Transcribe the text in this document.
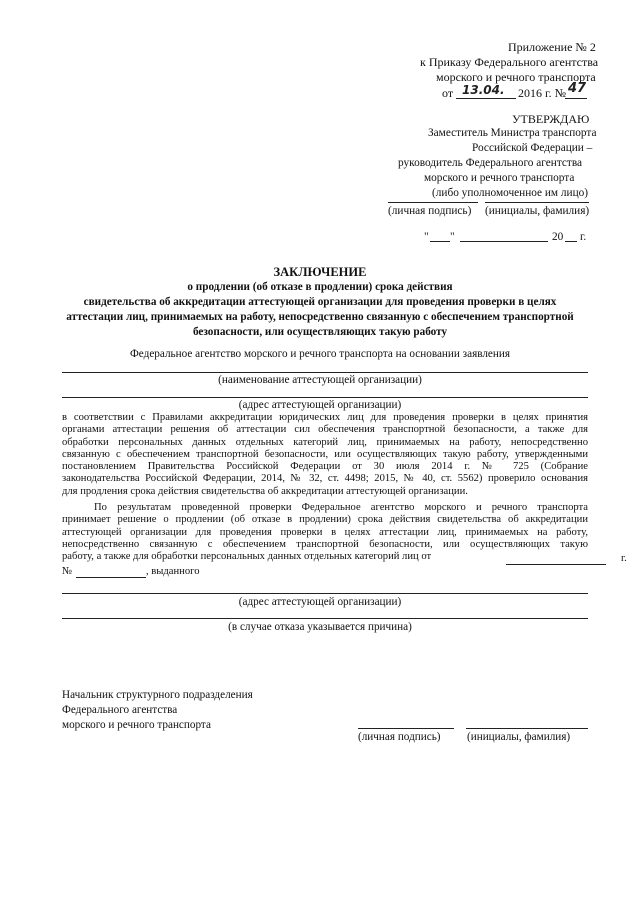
Приложение № 2
к Приказу Федерального агентства
морского и речного транспорта
от 13.04. 2016 г. № 47
УТВЕРЖДАЮ
Заместитель Министра транспорта
Российской Федерации –
руководитель Федерального агентства
морского и речного транспорта
(либо уполномоченное им лицо)
(личная подпись) (инициалы, фамилия)
" "	20 г.
ЗАКЛЮЧЕНИЕ
о продлении (об отказе в продлении) срока действия
свидетельства об аккредитации аттестующей организации для проведения проверки в целях
аттестации лиц, принимаемых на работу, непосредственно связанную с обеспечением транспортной
безопасности, или осуществляющих такую работу
Федеральное агентство морского и речного транспорта на основании заявления
(наименование аттестующей организации)
(адрес аттестующей организации)
в соответствии с Правилами аккредитации юридических лиц для проведения проверки в целях принятия
органами аттестации решения об аттестации сил обеспечения транспортной безопасности, а также для
обработки персональных данных отдельных категорий лиц, принимаемых на работу, непосредственно
связанную с обеспечением транспортной безопасности, или осуществляющих такую работу, утвержденными
постановлением Правительства Российской Федерации от 30 июля 2014 г. № 725 (Собрание
законодательства Российской Федерации, 2014, № 32, ст. 4498; 2015, № 40, ст. 5562) проверило основания
для продления срока действия свидетельства об аккредитации аттестующей организации.
По результатам проведенной проверки Федеральное агентство морского и речного транспорта
принимает решение о продлении (об отказе в продлении) срока действия свидетельства об аккредитации
аттестующей организации для проведения проверки в целях аттестации лиц, принимаемых на работу,
непосредственно связанную с обеспечением транспортной безопасности, или осуществляющих такую
работу, а также для обработки персональных данных отдельных категорий лиц от	г.
№	, выданного
(адрес аттестующей организации)
(в случае отказа указывается причина)
Начальник структурного подразделения
Федерального агентства
морского и речного транспорта
(личная подпись) (инициалы, фамилия)
